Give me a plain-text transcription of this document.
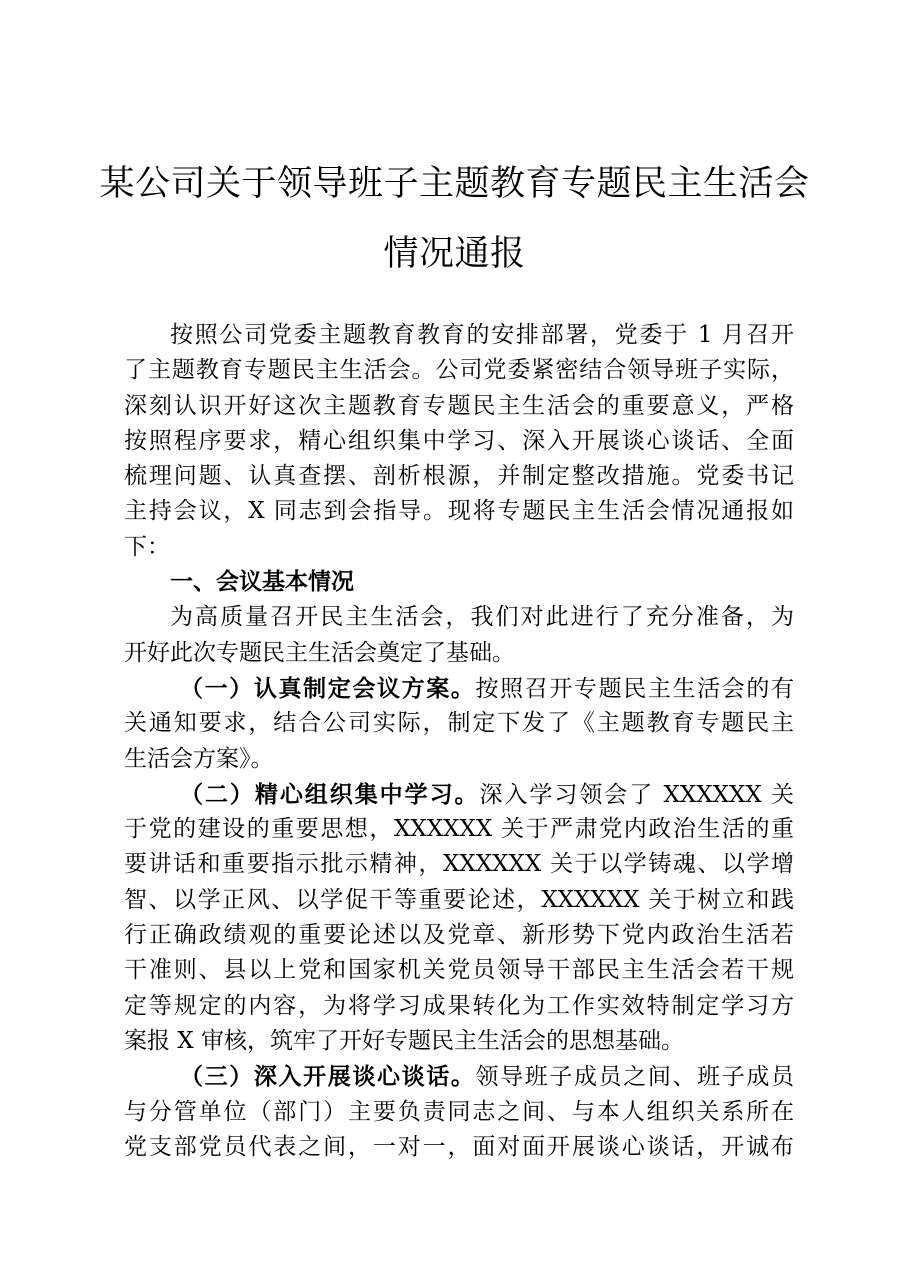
某公司关于领导班子主题教育专题民主生活会
情况通报
按照公司党委主题教育教育的安排部署，党委于 1 月召开
了主题教育专题民主生活会。公司党委紧密结合领导班子实际，
深刻认识开好这次主题教育专题民主生活会的重要意义，严格
按照程序要求，精心组织集中学习、深入开展谈心谈话、全面
梳理问题、认真查摆、剖析根源，并制定整改措施。党委书记
主持会议，X 同志到会指导。现将专题民主生活会情况通报如
下：
一、会议基本情况
为高质量召开民主生活会，我们对此进行了充分准备，为
开好此次专题民主生活会奠定了基础。
（一）认真制定会议方案。按照召开专题民主生活会的有
关通知要求，结合公司实际，制定下发了《主题教育专题民主
生活会方案》。
（二）精心组织集中学习。深入学习领会了 XXXXXX 关
于党的建设的重要思想，XXXXXX 关于严肃党内政治生活的重
要讲话和重要指示批示精神，XXXXXX 关于以学铸魂、以学增
智、以学正风、以学促干等重要论述，XXXXXX 关于树立和践
行正确政绩观的重要论述以及党章、新形势下党内政治生活若
干准则、县以上党和国家机关党员领导干部民主生活会若干规
定等规定的内容，为将学习成果转化为工作实效特制定学习方
案报 X 审核，筑牢了开好专题民主生活会的思想基础。
（三）深入开展谈心谈话。领导班子成员之间、班子成员
与分管单位（部门）主要负责同志之间、与本人组织关系所在
党支部党员代表之间，一对一，面对面开展谈心谈话，开诚布
